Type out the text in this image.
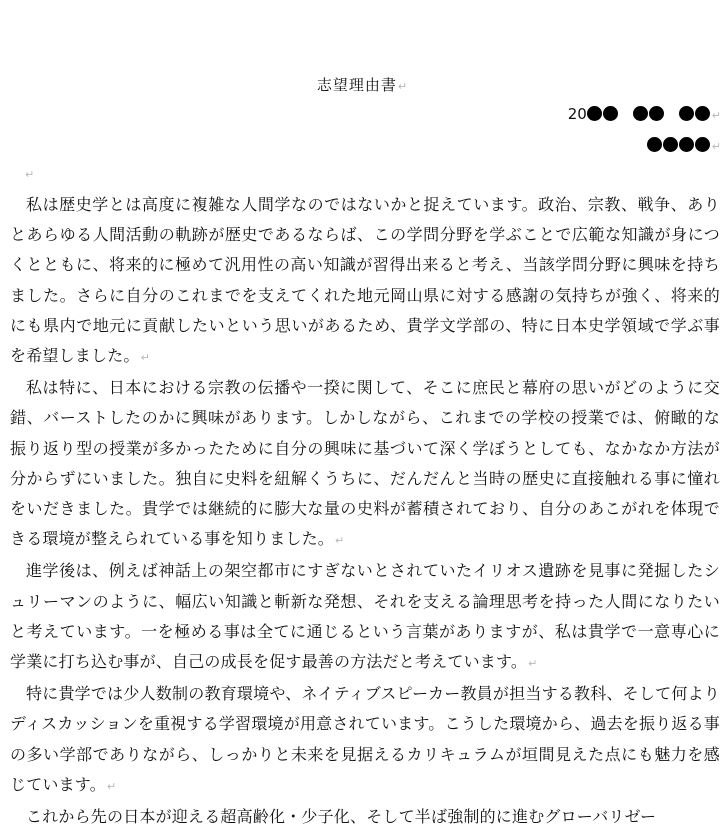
志望理由書↵
20	↵
↵
↵

私は歴史学とは高度に複雑な人間学なのではないかと捉えています。政治、宗教、戦争、ありとあらゆる人間活動の軌跡が歴史であるならば、この学問分野を学ぶことで広範な知識が身につくとともに、将来的に極めて汎用性の高い知識が習得出来ると考え、当該学問分野に興味を持ちました。さらに自分のこれまでを支えてくれた地元岡山県に対する感謝の気持ちが強く、将来的にも県内で地元に貢献したいという思いがあるため、貴学文学部の、特に日本史学領域で学ぶ事を希望しました。↵

私は特に、日本における宗教の伝播や一揆に関して、そこに庶民と幕府の思いがどのように交錯、バーストしたのかに興味があります。しかしながら、これまでの学校の授業では、俯瞰的な振り返り型の授業が多かったために自分の興味に基づいて深く学ぼうとしても、なかなか方法が分からずにいました。独自に史料を紐解くうちに、だんだんと当時の歴史に直接触れる事に憧れをいだきました。貴学では継続的に膨大な量の史料が蓄積されており、自分のあこがれを体現できる環境が整えられている事を知りました。↵

進学後は、例えば神話上の架空都市にすぎないとされていたイリオス遺跡を見事に発掘したシュリーマンのように、幅広い知識と斬新な発想、それを支える論理思考を持った人間になりたいと考えています。一を極める事は全てに通じるという言葉がありますが、私は貴学で一意専心に学業に打ち込む事が、自己の成長を促す最善の方法だと考えています。↵

特に貴学では少人数制の教育環境や、ネイティブスピーカー教員が担当する教科、そして何よりディスカッションを重視する学習環境が用意されています。こうした環境から、過去を振り返る事の多い学部でありながら、しっかりと未来を見据えるカリキュラムが垣間見えた点にも魅力を感じています。↵

これから先の日本が迎える超高齢化・少子化、そして半ば強制的に進むグローバリゼー
